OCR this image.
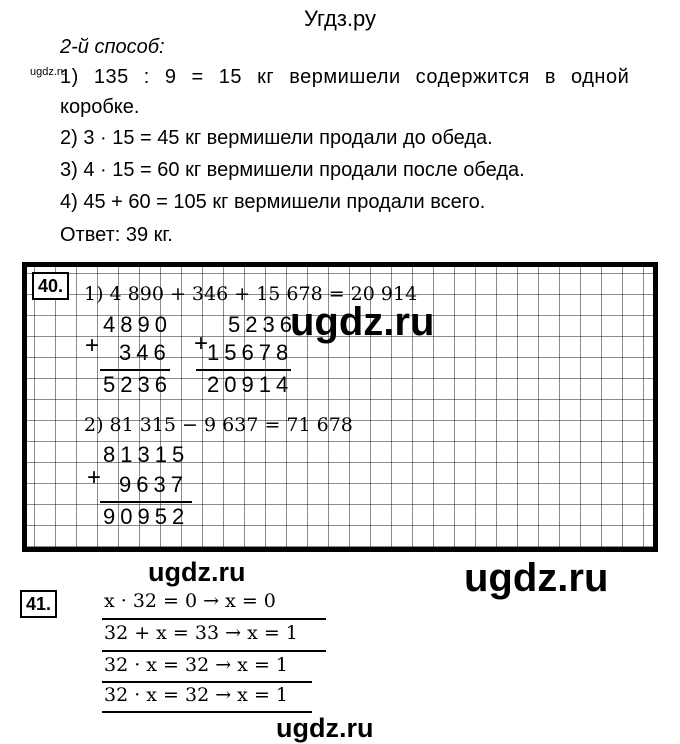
Угдз.ру
2-й способ:
ugdz.ru
1) 135 : 9 = 15 кг вермишели содержится в одной
коробке.
2) 3 · 15 = 45 кг вермишели продали до обеда.
3) 4 · 15 = 60 кг вермишели продали после обеда.
4) 45 + 60 = 105 кг вермишели продали всего.
Ответ: 39 кг.
40.	1) 4 890 + 346 + 15 678 = 20 914
4890
+ 346
5236
5236
+
15678
20914
ugdz.ru
2) 81 315 − 9 637 = 71 678
81315
+ 9637
90952
ugdz.ru	ugdz.ru
41.	x · 32 = 0 → x = 0
32 + x = 33 → x = 1
32 · x = 32 → x = 1
32 · x = 32 → x = 1
ugdz.ru
